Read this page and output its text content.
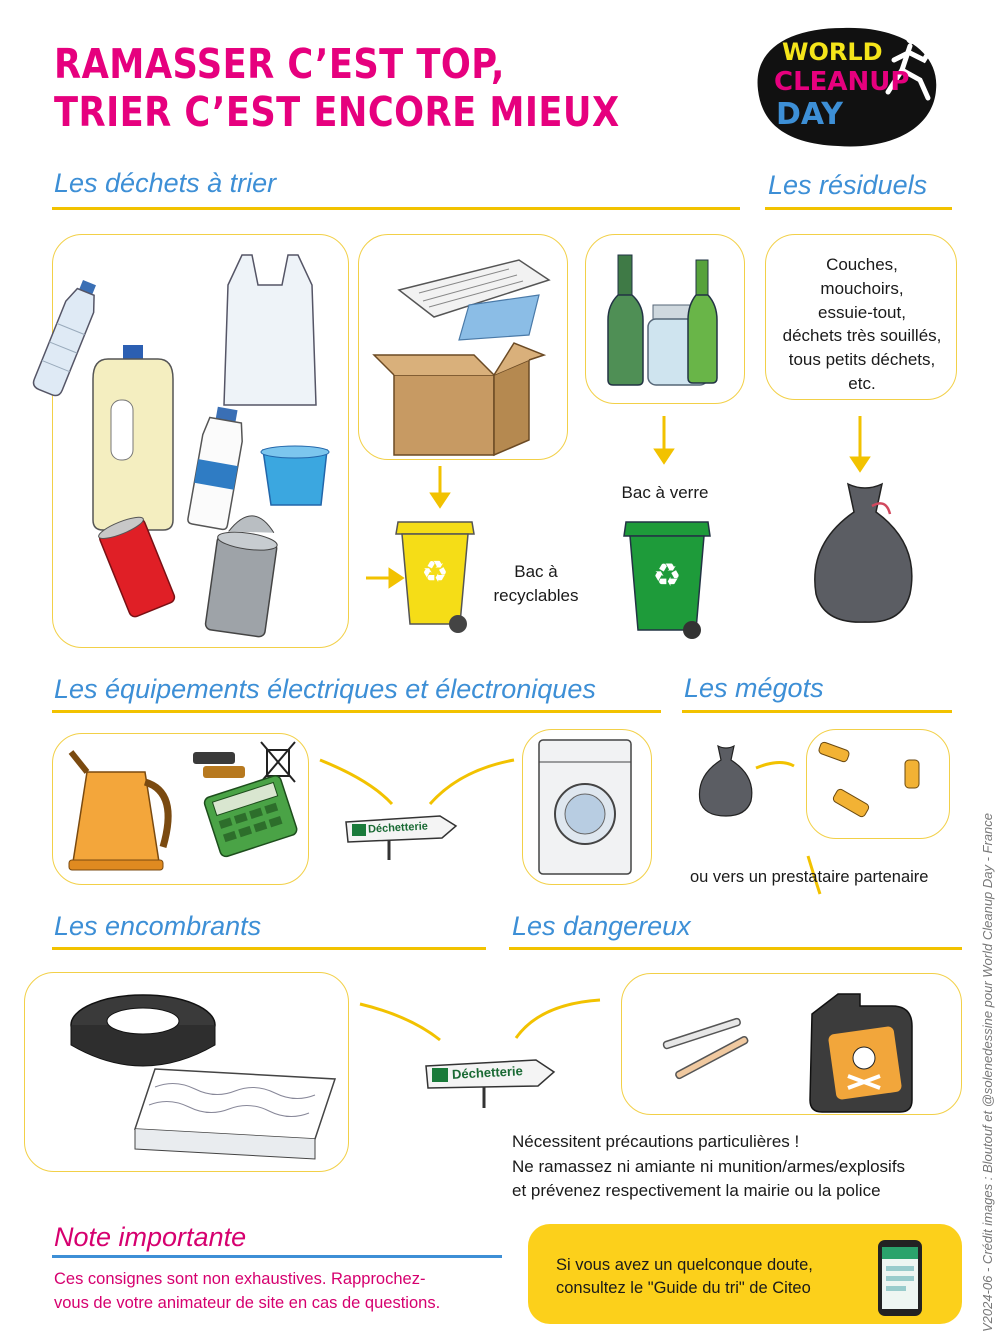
RAMASSER C’EST TOP,
TRIER C’EST ENCORE MIEUX
WORLD
CLEANUP
DAY
Les déchets à trier	Les résiduels
Couches,
mouchoirs,
essuie-tout,
déchets très souillés,
tous petits déchets,
etc.
♻	Bac à
recyclables
Bac à verre
♻
Les équipements électriques et électroniques	Les mégots
Déchetterie
ou vers un prestataire partenaire
Les encombrants	Les dangereux
Déchetterie
Nécessitent précautions particulières !
Ne ramassez ni amiante ni munition/armes/explosifs
et prévenez respectivement la mairie ou la police
Note importante
Ces consignes sont non exhaustives. Rapprochez-
vous de votre animateur de site en cas de questions.
Si vous avez un quelconque doute,
consultez le "Guide du tri" de Citeo	V2024-06 - Crédit images : Bloutouf et @solenedessine pour World Cleanup Day - France
